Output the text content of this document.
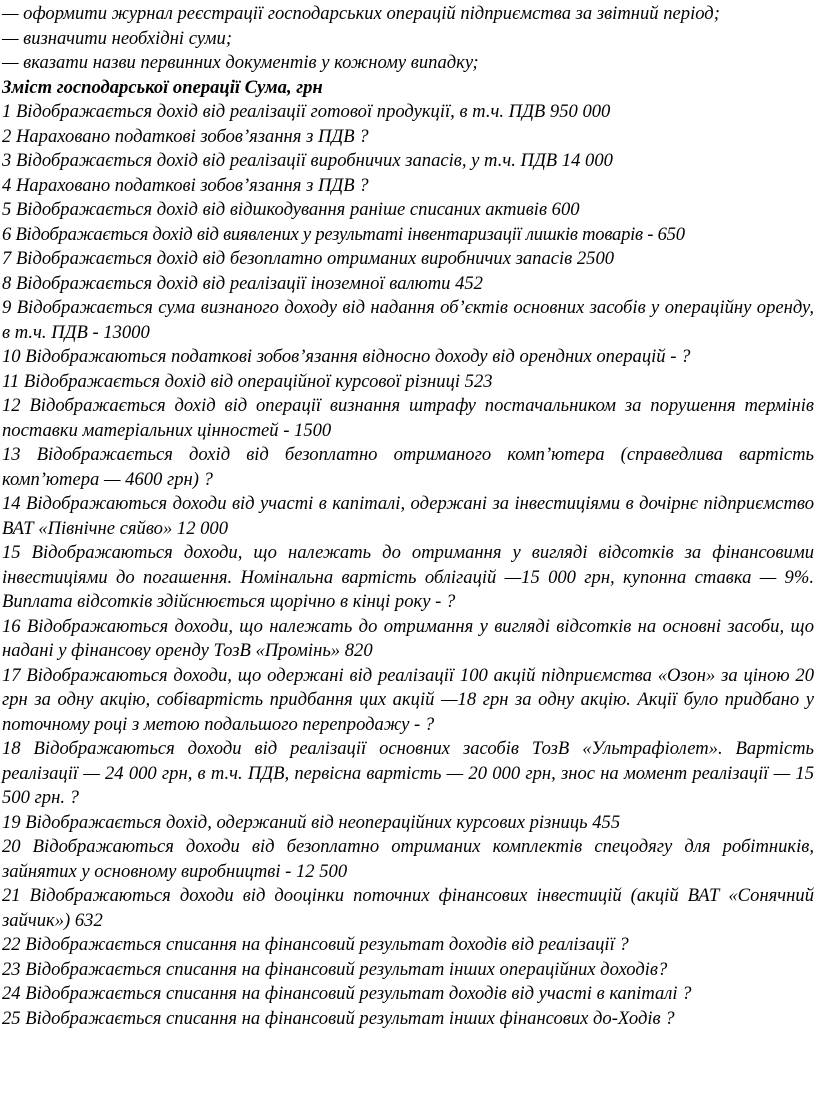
— оформити журнал реєстрації господарських операцій підприємства за звітний період;
— визначити необхідні суми;
— вказати назви первинних документів у кожному випадку;
Зміст господарської операції Сума, грн
1 Відображається дохід від реалізації готової продукції, в т.ч. ПДВ 950 000
2 Нараховано податкові зобов’язання з ПДВ ?
3 Відображається дохід від реалізації виробничих запасів, у т.ч. ПДВ 14 000
4 Нараховано податкові зобов’язання з ПДВ ?
5 Відображається дохід від відшкодування раніше списаних активів 600
6 Відображається дохід від виявлених у результаті інвентаризації лишків товарів - 650
7 Відображається дохід від безоплатно отриманих виробничих запасів 2500
8 Відображається дохід від реалізації іноземної валюти 452
9 Відображається сума визнаного доходу від надання об’єктів основних засобів у операційну оренду, в т.ч. ПДВ - 13000
10 Відображаються податкові зобов’язання відносно доходу від орендних операцій - ?
11 Відображається дохід від операційної курсової різниці 523
12 Відображається дохід від операції визнання штрафу постачальником за порушення термінів поставки матеріальних цінностей - 1500
13 Відображається дохід від безоплатно отриманого комп’ютера (справедлива вартість комп’ютера — 4600 грн) ?
14 Відображаються доходи від участі в капіталі, одержані за інвестиціями в дочірнє підприємство ВАТ «Північне сяйво» 12 000
15 Відображаються доходи, що належать до отримання у вигляді відсотків за фінансовими інвестиціями до погашення. Номінальна вартість облігацій —15 000 грн, купонна ставка — 9%. Виплата відсотків здійснюється щорічно в кінці року - ?
16 Відображаються доходи, що належать до отримання у вигляді відсотків на основні засоби, що надані у фінансову оренду ТозВ «Промінь» 820
17 Відображаються доходи, що одержані від реалізації 100 акцій підприємства «Озон» за ціною 20 грн за одну акцію, собівартість придбання цих акцій —18 грн за одну акцію. Акції було придбано у поточному році з метою подальшого перепродажу - ?
18 Відображаються доходи від реалізації основних засобів ТозВ «Ультрафіолет». Вартість реалізації — 24 000 грн, в т.ч. ПДВ, первісна вартість — 20 000 грн, знос на момент реалізації — 15 500 грн. ?
19 Відображається дохід, одержаний від неопераційних курсових різниць 455
20 Відображаються доходи від безоплатно отриманих комплектів спецодягу для робітників, зайнятих у основному виробництві - 12 500
21 Відображаються доходи від дооцінки поточних фінансових інвестицій (акцій ВАТ «Сонячний зайчик») 632
22 Відображається списання на фінансовий результат доходів від реалізації ?
23 Відображається списання на фінансовий результат інших операційних доходів?
24 Відображається списання на фінансовий результат доходів від участі в капіталі ?
25 Відображається списання на фінансовий результат інших фінансових до-Ходів ?
